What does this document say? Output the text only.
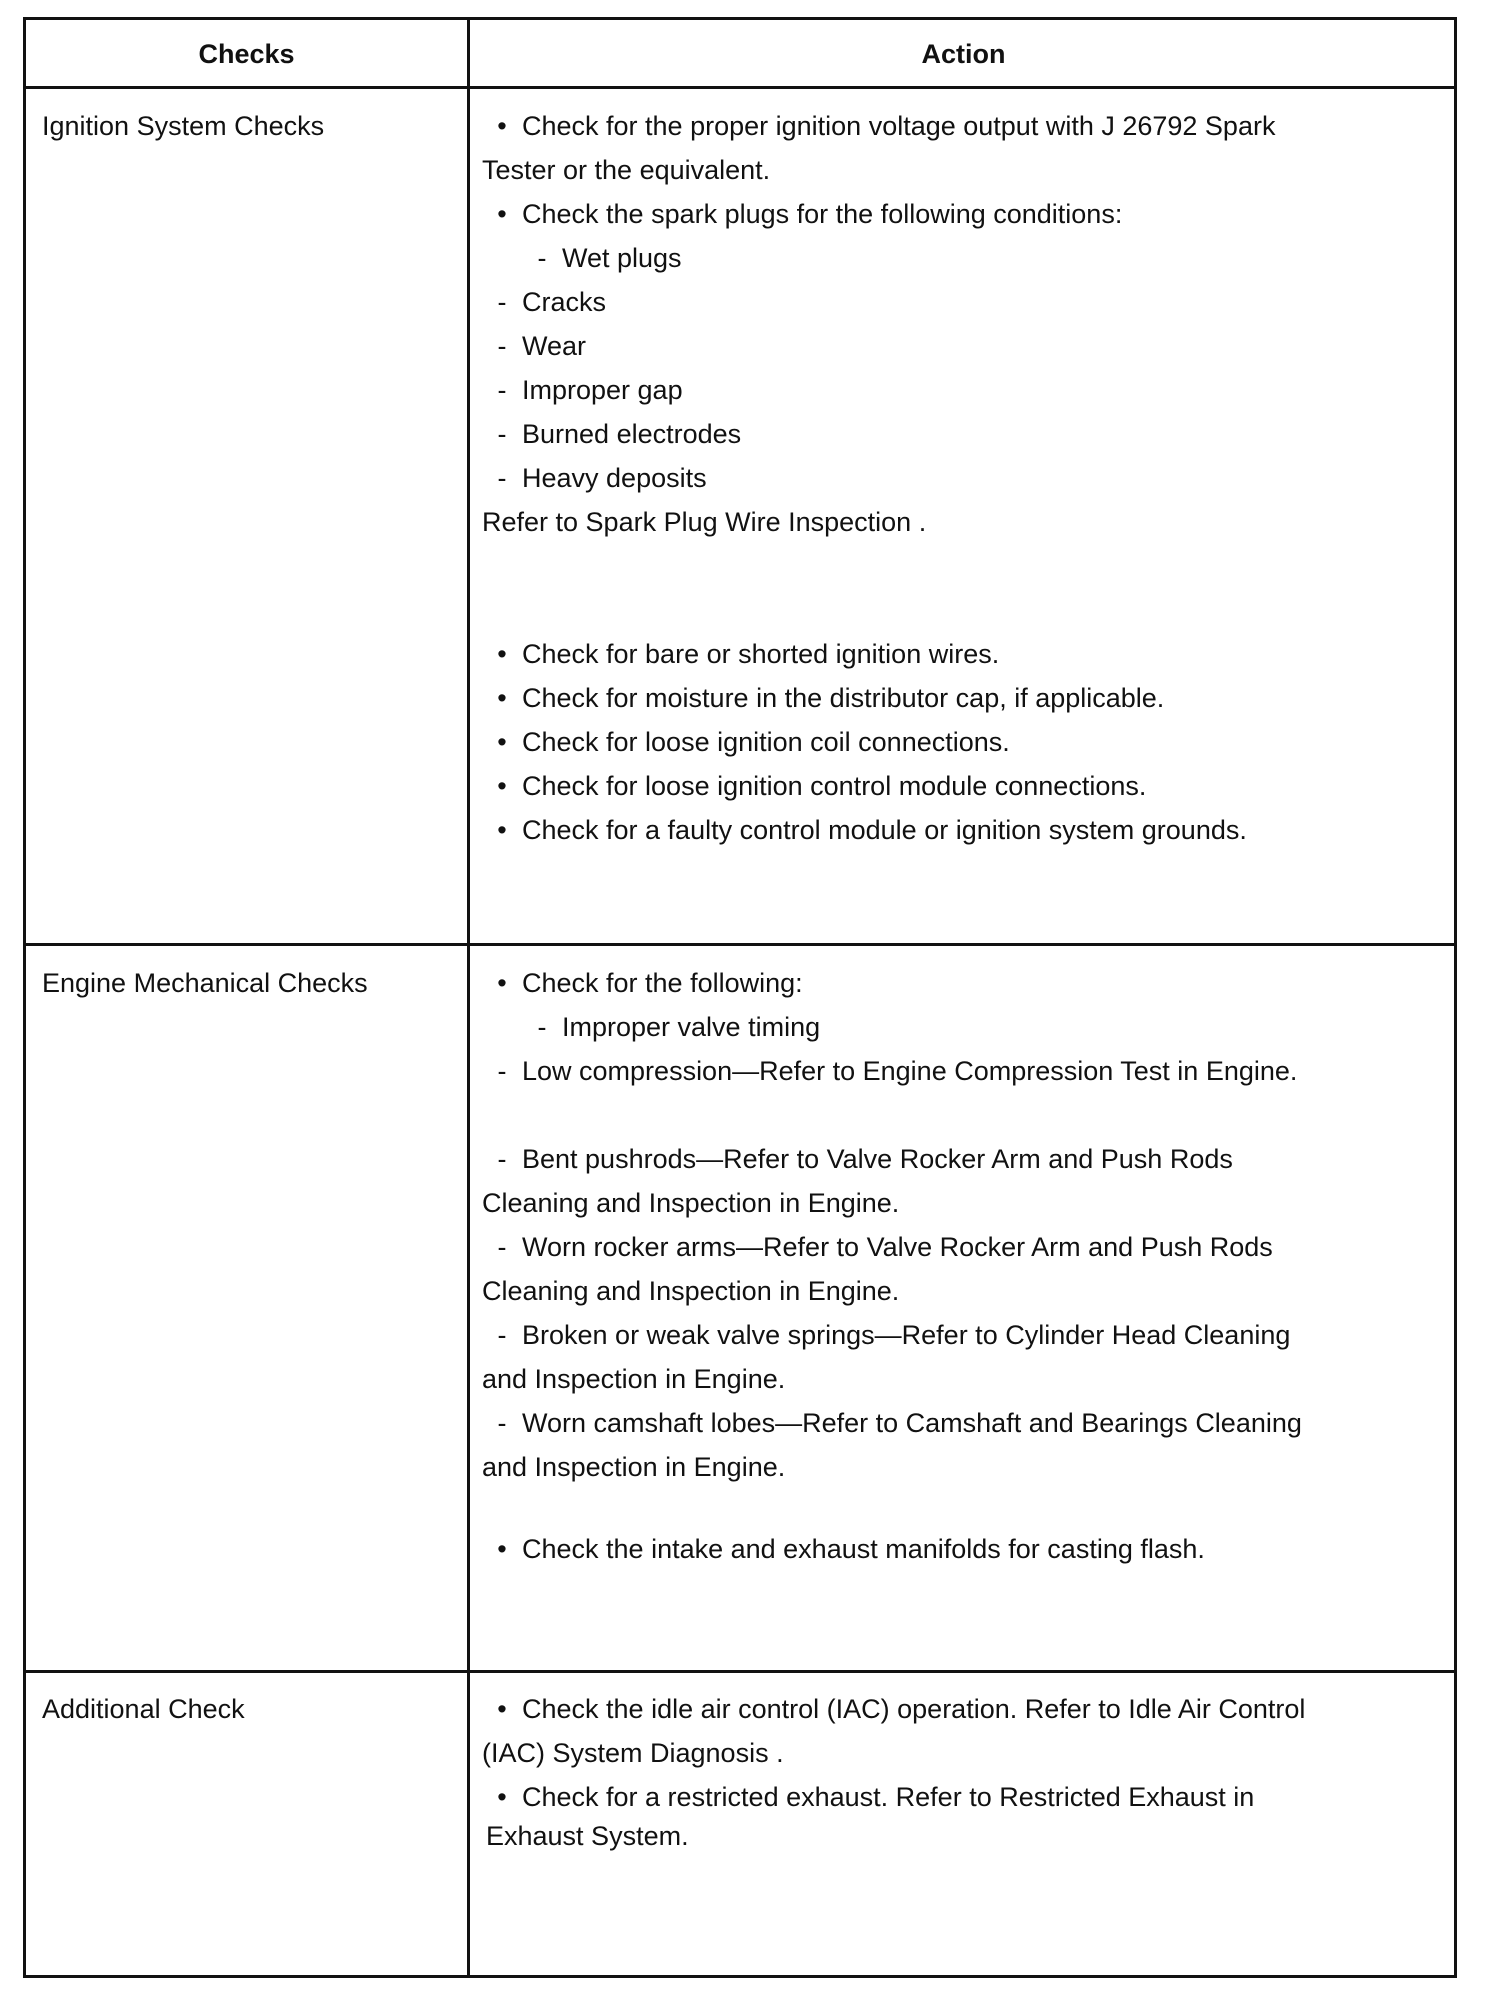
Checks	Action
Ignition System Checks	• Check for the proper ignition voltage output with J 26792 Spark
Tester or the equivalent.
• Check the spark plugs for the following conditions:
- Wet plugs
- Cracks
- Wear
- Improper gap
- Burned electrodes
- Heavy deposits
Refer to Spark Plug Wire Inspection .
• Check for bare or shorted ignition wires.
• Check for moisture in the distributor cap, if applicable.
• Check for loose ignition coil connections.
• Check for loose ignition control module connections.
• Check for a faulty control module or ignition system grounds.
Engine Mechanical Checks	• Check for the following:
- Improper valve timing
- Low compression—Refer to Engine Compression Test in Engine.
- Bent pushrods—Refer to Valve Rocker Arm and Push Rods
Cleaning and Inspection in Engine.
- Worn rocker arms—Refer to Valve Rocker Arm and Push Rods
Cleaning and Inspection in Engine.
- Broken or weak valve springs—Refer to Cylinder Head Cleaning
and Inspection in Engine.
- Worn camshaft lobes—Refer to Camshaft and Bearings Cleaning
and Inspection in Engine.
• Check the intake and exhaust manifolds for casting flash.
Additional Check	• Check the idle air control (IAC) operation. Refer to Idle Air Control
(IAC) System Diagnosis .
• Check for a restricted exhaust. Refer to Restricted Exhaust in
Exhaust System.
